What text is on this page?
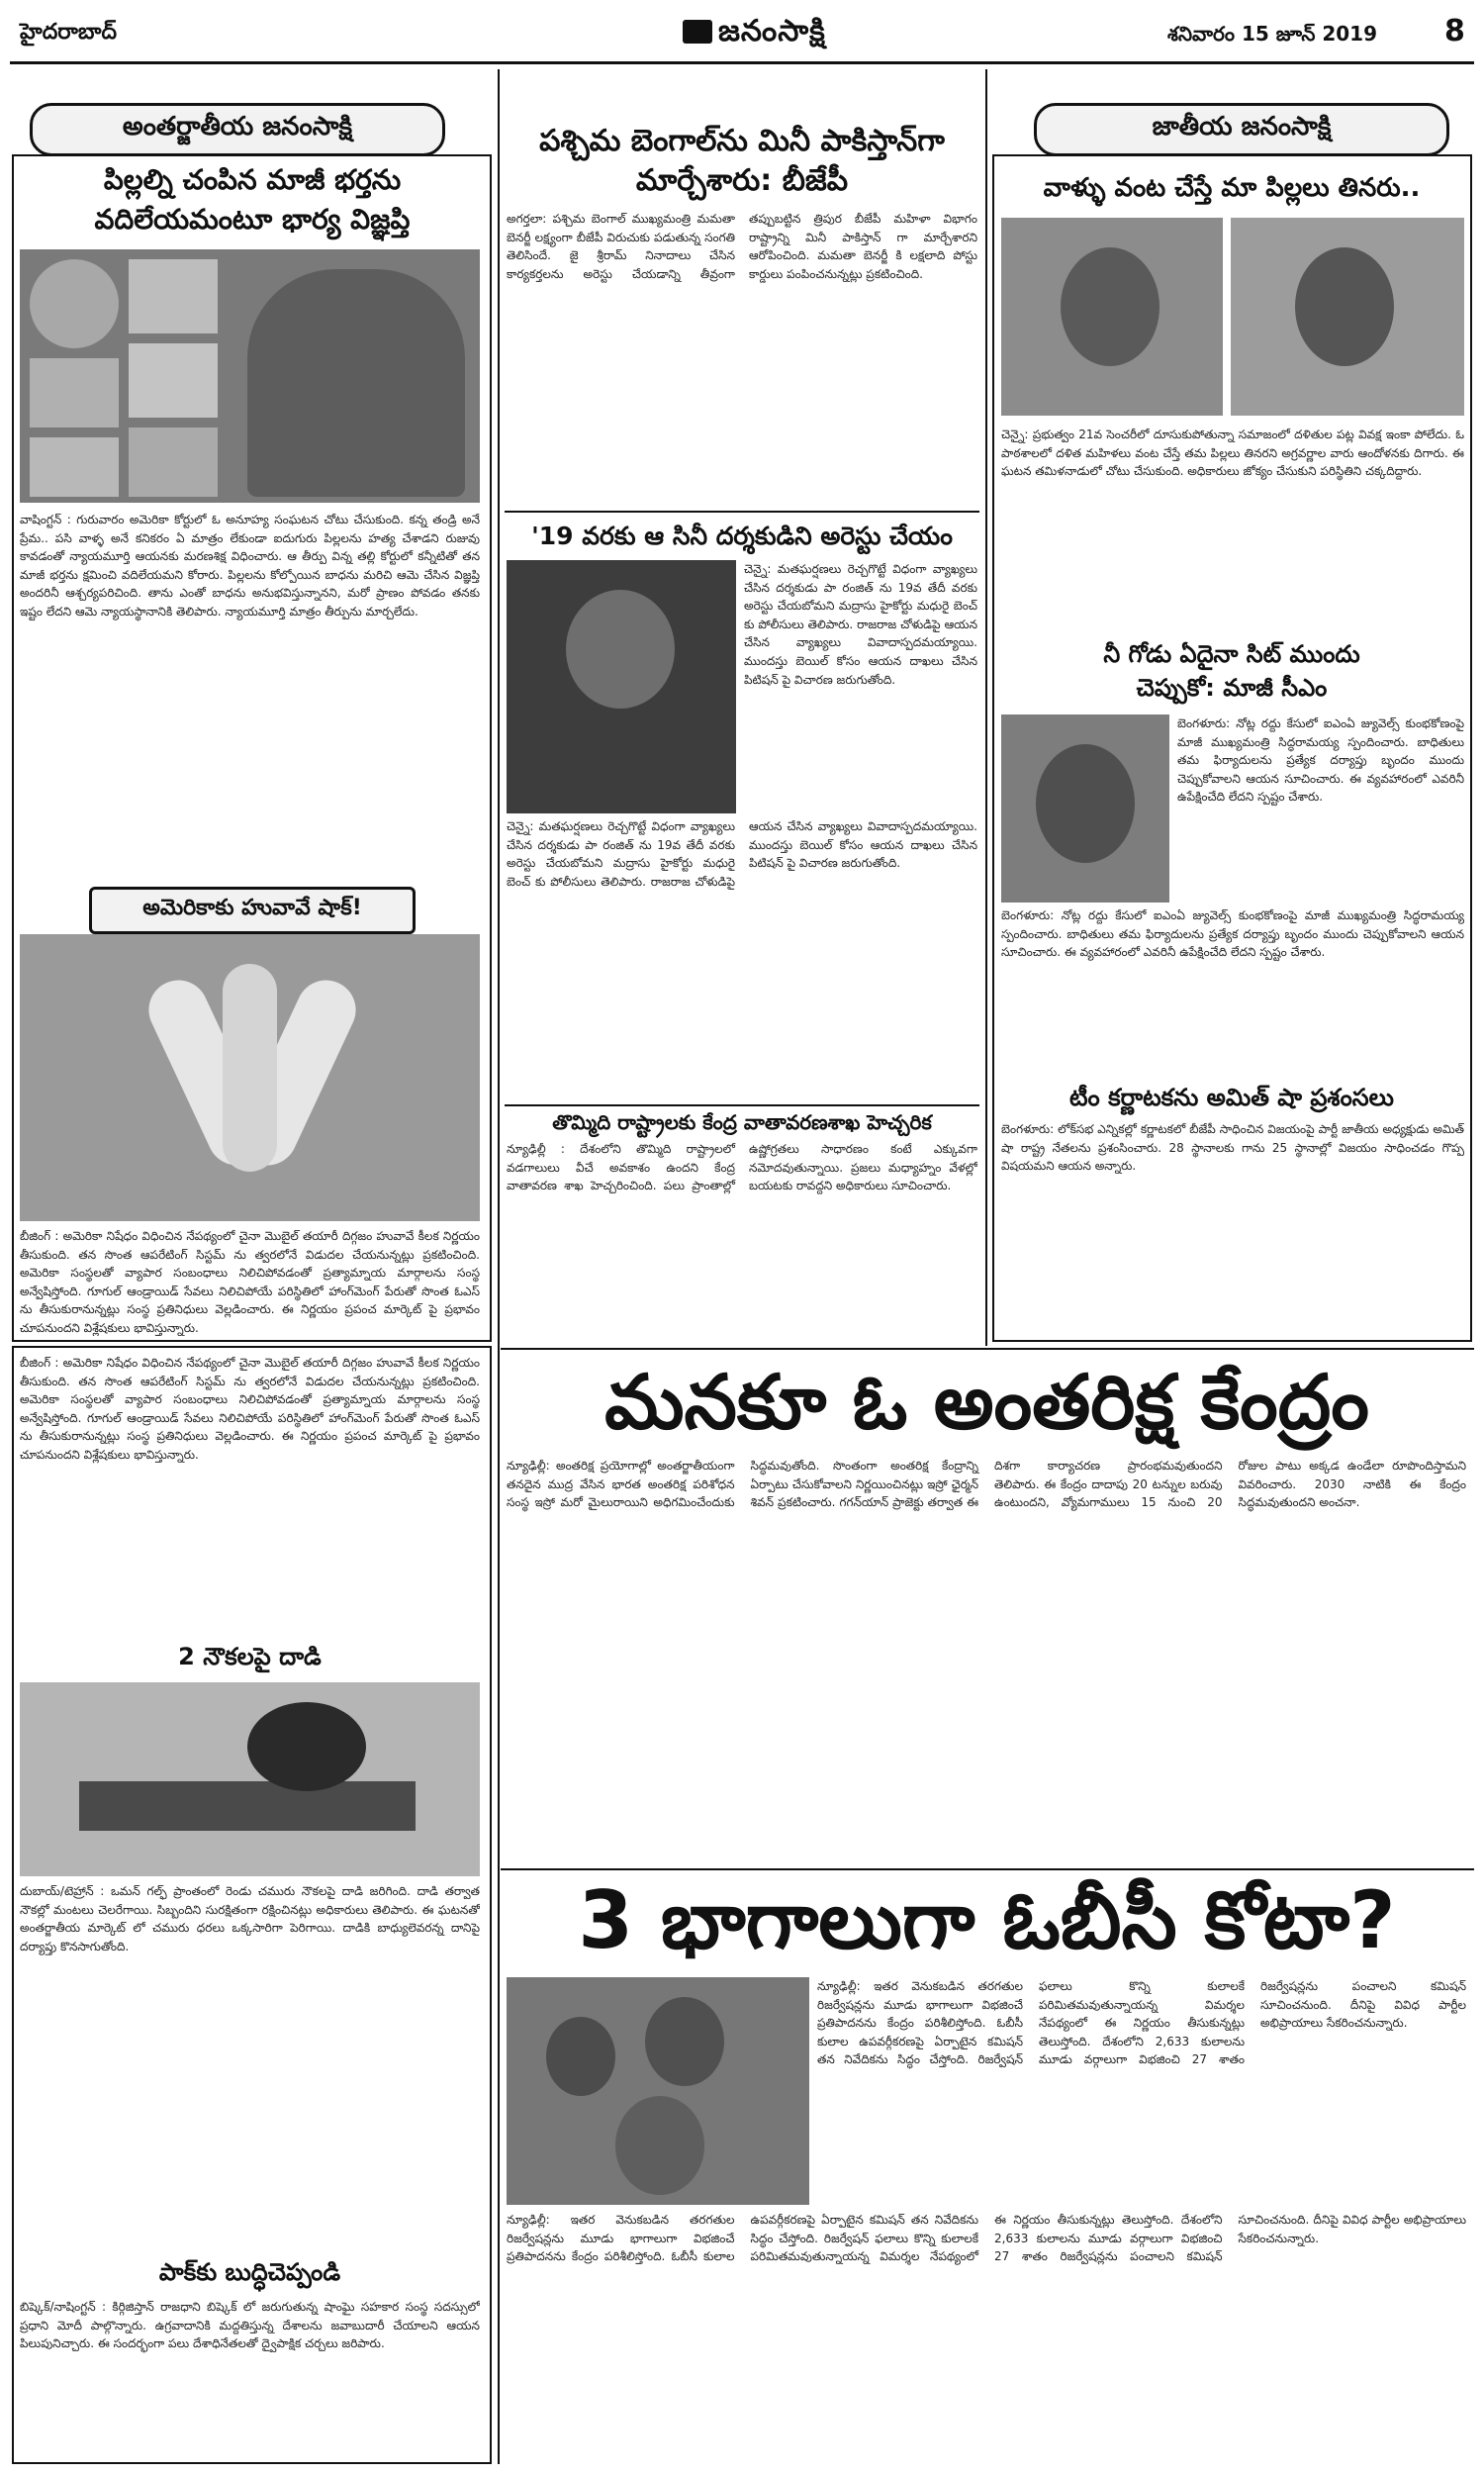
హైదరాబాద్	జనంసాక్షి	శనివారం 15 జూన్ 2019 8
అంతర్జాతీయ జనంసాక్షి
పిల్లల్ని చంపిన మాజీ భర్తను
వదిలేయమంటూ భార్య విజ్ఞప్తి
వాషింగ్టన్‌ : గురువారం అమెరికా కోర్టులో ఓ అనూహ్య సంఘటన చోటు చేసుకుంది. కన్న తండ్రి అనే ప్రేమ.. పసి వాళ్ళ అనే కనికరం ఏ మాత్రం లేకుండా ఐదుగురు పిల్లలను హత్య చేశాడని రుజువు కావడంతో న్యాయమూర్తి ఆయనకు మరణశిక్ష విధించారు. ఆ తీర్పు విన్న తల్లి కోర్టులో కన్నీటితో తన మాజీ భర్తను క్షమించి వదిలేయమని కోరారు. పిల్లలను కోల్పోయిన బాధను మరిచి ఆమె చేసిన విజ్ఞప్తి అందరినీ ఆశ్చర్యపరిచింది. తాను ఎంతో బాధను అనుభవిస్తున్నానని, మరో ప్రాణం పోవడం తనకు ఇష్టం లేదని ఆమె న్యాయస్థానానికి తెలిపారు. న్యాయమూర్తి మాత్రం తీర్పును మార్చలేదు.
అమెరికాకు హువావే షాక్‌!
బీజింగ్‌ : అమెరికా నిషేధం విధించిన నేపథ్యంలో చైనా మొబైల్ తయారీ దిగ్గజం హువావే కీలక నిర్ణయం తీసుకుంది. తన సొంత ఆపరేటింగ్ సిస్టమ్ ను త్వరలోనే విడుదల చేయనున్నట్లు ప్రకటించింది. అమెరికా సంస్థలతో వ్యాపార సంబంధాలు నిలిచిపోవడంతో ప్రత్యామ్నాయ మార్గాలను సంస్థ అన్వేషిస్తోంది. గూగుల్ ఆండ్రాయిడ్ సేవలు నిలిచిపోయే పరిస్థితిలో హాంగ్‌మెంగ్ పేరుతో సొంత ఓఎస్ ను తీసుకురానున్నట్లు సంస్థ ప్రతినిధులు వెల్లడించారు. ఈ నిర్ణయం ప్రపంచ మార్కెట్ పై ప్రభావం చూపనుందని విశ్లేషకులు భావిస్తున్నారు.
బీజింగ్‌ : అమెరికా నిషేధం విధించిన నేపథ్యంలో చైనా మొబైల్ తయారీ దిగ్గజం హువావే కీలక నిర్ణయం తీసుకుంది. తన సొంత ఆపరేటింగ్ సిస్టమ్ ను త్వరలోనే విడుదల చేయనున్నట్లు ప్రకటించింది. అమెరికా సంస్థలతో వ్యాపార సంబంధాలు నిలిచిపోవడంతో ప్రత్యామ్నాయ మార్గాలను సంస్థ అన్వేషిస్తోంది. గూగుల్ ఆండ్రాయిడ్ సేవలు నిలిచిపోయే పరిస్థితిలో హాంగ్‌మెంగ్ పేరుతో సొంత ఓఎస్ ను తీసుకురానున్నట్లు సంస్థ ప్రతినిధులు వెల్లడించారు. ఈ నిర్ణయం ప్రపంచ మార్కెట్ పై ప్రభావం చూపనుందని విశ్లేషకులు భావిస్తున్నారు.
2 నౌకలపై దాడి
దుబాయ్‌/టెహ్రాన్‌ : ఒమన్ గల్ఫ్ ప్రాంతంలో రెండు చమురు నౌకలపై దాడి జరిగింది. దాడి తర్వాత నౌకల్లో మంటలు చెలరేగాయి. సిబ్బందిని సురక్షితంగా రక్షించినట్లు అధికారులు తెలిపారు. ఈ ఘటనతో అంతర్జాతీయ మార్కెట్ లో చమురు ధరలు ఒక్కసారిగా పెరిగాయి. దాడికి బాధ్యులెవరన్న దానిపై దర్యాప్తు కొనసాగుతోంది.
పాక్‌కు బుద్ధిచెప్పండి
బిష్కెక్‌/నాషింగ్టన్‌ : కిర్గిజిస్తాన్ రాజధాని బిష్కెక్ లో జరుగుతున్న షాంఘై సహకార సంస్థ సదస్సులో ప్రధాని మోదీ పాల్గొన్నారు. ఉగ్రవాదానికి మద్దతిస్తున్న దేశాలను జవాబుదారీ చేయాలని ఆయన పిలుపునిచ్చారు. ఈ సందర్భంగా పలు దేశాధినేతలతో ద్వైపాక్షిక చర్చలు జరిపారు.
పశ్చిమ బెంగాల్‌ను మినీ పాకిస్తాన్‌గా
మార్చేశారు: బీజేపీ
అగర్తలా: పశ్చిమ బెంగాల్ ముఖ్యమంత్రి మమతా బెనర్జీ లక్ష్యంగా బీజేపీ విరుచుకు పడుతున్న సంగతి తెలిసిందే. జై శ్రీరామ్ నినాదాలు చేసిన కార్యకర్తలను అరెస్టు చేయడాన్ని తీవ్రంగా తప్పుబట్టిన త్రిపుర బీజేపీ మహిళా విభాగం రాష్ట్రాన్ని మినీ పాకిస్తాన్ గా మార్చేశారని ఆరోపించింది. మమతా బెనర్జీ కి లక్షలాది పోస్టు కార్డులు పంపించనున్నట్లు ప్రకటించింది.
'19 వరకు ఆ సినీ దర్శకుడిని అరెస్టు చేయం
చెన్నై: మతఘర్షణలు రెచ్చగొట్టే విధంగా వ్యాఖ్యలు చేసిన దర్శకుడు పా రంజిత్ ను 19వ తేదీ వరకు అరెస్టు చేయబోమని మద్రాసు హైకోర్టు మధురై బెంచ్ కు పోలీసులు తెలిపారు. రాజరాజ చోళుడిపై ఆయన చేసిన వ్యాఖ్యలు వివాదాస్పదమయ్యాయి. ముందస్తు బెయిల్ కోసం ఆయన దాఖలు చేసిన పిటిషన్ పై విచారణ జరుగుతోంది.
చెన్నై: మతఘర్షణలు రెచ్చగొట్టే విధంగా వ్యాఖ్యలు చేసిన దర్శకుడు పా రంజిత్ ను 19వ తేదీ వరకు అరెస్టు చేయబోమని మద్రాసు హైకోర్టు మధురై బెంచ్ కు పోలీసులు తెలిపారు. రాజరాజ చోళుడిపై ఆయన చేసిన వ్యాఖ్యలు వివాదాస్పదమయ్యాయి. ముందస్తు బెయిల్ కోసం ఆయన దాఖలు చేసిన పిటిషన్ పై విచారణ జరుగుతోంది.
తొమ్మిది రాష్ట్రాలకు కేంద్ర వాతావరణశాఖ హెచ్చరిక
న్యూఢిల్లీ : దేశంలోని తొమ్మిది రాష్ట్రాలలో వడగాలులు వీచే అవకాశం ఉందని కేంద్ర వాతావరణ శాఖ హెచ్చరించింది. పలు ప్రాంతాల్లో ఉష్ణోగ్రతలు సాధారణం కంటే ఎక్కువగా నమోదవుతున్నాయి. ప్రజలు మధ్యాహ్నం వేళల్లో బయటకు రావద్దని అధికారులు సూచించారు.
జాతీయ జనంసాక్షి
వాళ్ళు వంట చేస్తే మా పిల్లలు తినరు..
చెన్నై: ప్రభుత్వం 21వ సెంచరీలో దూసుకుపోతున్నా సమాజంలో దళితుల పట్ల వివక్ష ఇంకా పోలేదు. ఓ పాఠశాలలో దళిత మహిళలు వంట చేస్తే తమ పిల్లలు తినరని అగ్రవర్ణాల వారు ఆందోళనకు దిగారు. ఈ ఘటన తమిళనాడులో చోటు చేసుకుంది. అధికారులు జోక్యం చేసుకుని పరిస్థితిని చక్కదిద్దారు.
నీ గోడు ఏదైనా సిట్‌ ముందు
చెప్పుకో: మాజీ సీఎం
బెంగళూరు: నోట్ల రద్దు కేసులో ఐఎంఏ జ్యువెల్స్ కుంభకోణంపై మాజీ ముఖ్యమంత్రి సిద్ధరామయ్య స్పందించారు. బాధితులు తమ ఫిర్యాదులను ప్రత్యేక దర్యాప్తు బృందం ముందు చెప్పుకోవాలని ఆయన సూచించారు. ఈ వ్యవహారంలో ఎవరినీ ఉపేక్షించేది లేదని స్పష్టం చేశారు.
బెంగళూరు: నోట్ల రద్దు కేసులో ఐఎంఏ జ్యువెల్స్ కుంభకోణంపై మాజీ ముఖ్యమంత్రి సిద్ధరామయ్య స్పందించారు. బాధితులు తమ ఫిర్యాదులను ప్రత్యేక దర్యాప్తు బృందం ముందు చెప్పుకోవాలని ఆయన సూచించారు. ఈ వ్యవహారంలో ఎవరినీ ఉపేక్షించేది లేదని స్పష్టం చేశారు.
టీం కర్ణాటకను అమిత్‌ షా ప్రశంసలు
బెంగళూరు: లోక్‌సభ ఎన్నికల్లో కర్ణాటకలో బీజేపీ సాధించిన విజయంపై పార్టీ జాతీయ అధ్యక్షుడు అమిత్ షా రాష్ట్ర నేతలను ప్రశంసించారు. 28 స్థానాలకు గాను 25 స్థానాల్లో విజయం సాధించడం గొప్ప విషయమని ఆయన అన్నారు.
మనకూ ఓ అంతరిక్ష కేంద్రం
న్యూఢిల్లీ: అంతరిక్ష ప్రయోగాల్లో అంతర్జాతీయంగా తనదైన ముద్ర వేసిన భారత అంతరిక్ష పరిశోధన సంస్థ ఇస్రో మరో మైలురాయిని అధిగమించేందుకు సిద్ధమవుతోంది. సొంతంగా అంతరిక్ష కేంద్రాన్ని ఏర్పాటు చేసుకోవాలని నిర్ణయించినట్లు ఇస్రో ఛైర్మన్ శివన్ ప్రకటించారు. గగన్‌యాన్ ప్రాజెక్టు తర్వాత ఈ దిశగా కార్యాచరణ ప్రారంభమవుతుందని తెలిపారు. ఈ కేంద్రం దాదాపు 20 టన్నుల బరువు ఉంటుందని, వ్యోమగాములు 15 నుంచి 20 రోజుల పాటు అక్కడ ఉండేలా రూపొందిస్తామని వివరించారు. 2030 నాటికి ఈ కేంద్రం సిద్ధమవుతుందని అంచనా.
3 భాగాలుగా ఓబీసీ కోటా?
న్యూఢిల్లీ: ఇతర వెనుకబడిన తరగతుల రిజర్వేషన్లను మూడు భాగాలుగా విభజించే ప్రతిపాదనను కేంద్రం పరిశీలిస్తోంది. ఓబీసీ కులాల ఉపవర్గీకరణపై ఏర్పాటైన కమిషన్ తన నివేదికను సిద్ధం చేస్తోంది. రిజర్వేషన్ ఫలాలు కొన్ని కులాలకే పరిమితమవుతున్నాయన్న విమర్శల నేపథ్యంలో ఈ నిర్ణయం తీసుకున్నట్లు తెలుస్తోంది. దేశంలోని 2,633 కులాలను మూడు వర్గాలుగా విభజించి 27 శాతం రిజర్వేషన్లను పంచాలని కమిషన్ సూచించనుంది. దీనిపై వివిధ పార్టీల అభిప్రాయాలు సేకరించనున్నారు.
న్యూఢిల్లీ: ఇతర వెనుకబడిన తరగతుల రిజర్వేషన్లను మూడు భాగాలుగా విభజించే ప్రతిపాదనను కేంద్రం పరిశీలిస్తోంది. ఓబీసీ కులాల ఉపవర్గీకరణపై ఏర్పాటైన కమిషన్ తన నివేదికను సిద్ధం చేస్తోంది. రిజర్వేషన్ ఫలాలు కొన్ని కులాలకే పరిమితమవుతున్నాయన్న విమర్శల నేపథ్యంలో ఈ నిర్ణయం తీసుకున్నట్లు తెలుస్తోంది. దేశంలోని 2,633 కులాలను మూడు వర్గాలుగా విభజించి 27 శాతం రిజర్వేషన్లను పంచాలని కమిషన్ సూచించనుంది. దీనిపై వివిధ పార్టీల అభిప్రాయాలు సేకరించనున్నారు.
